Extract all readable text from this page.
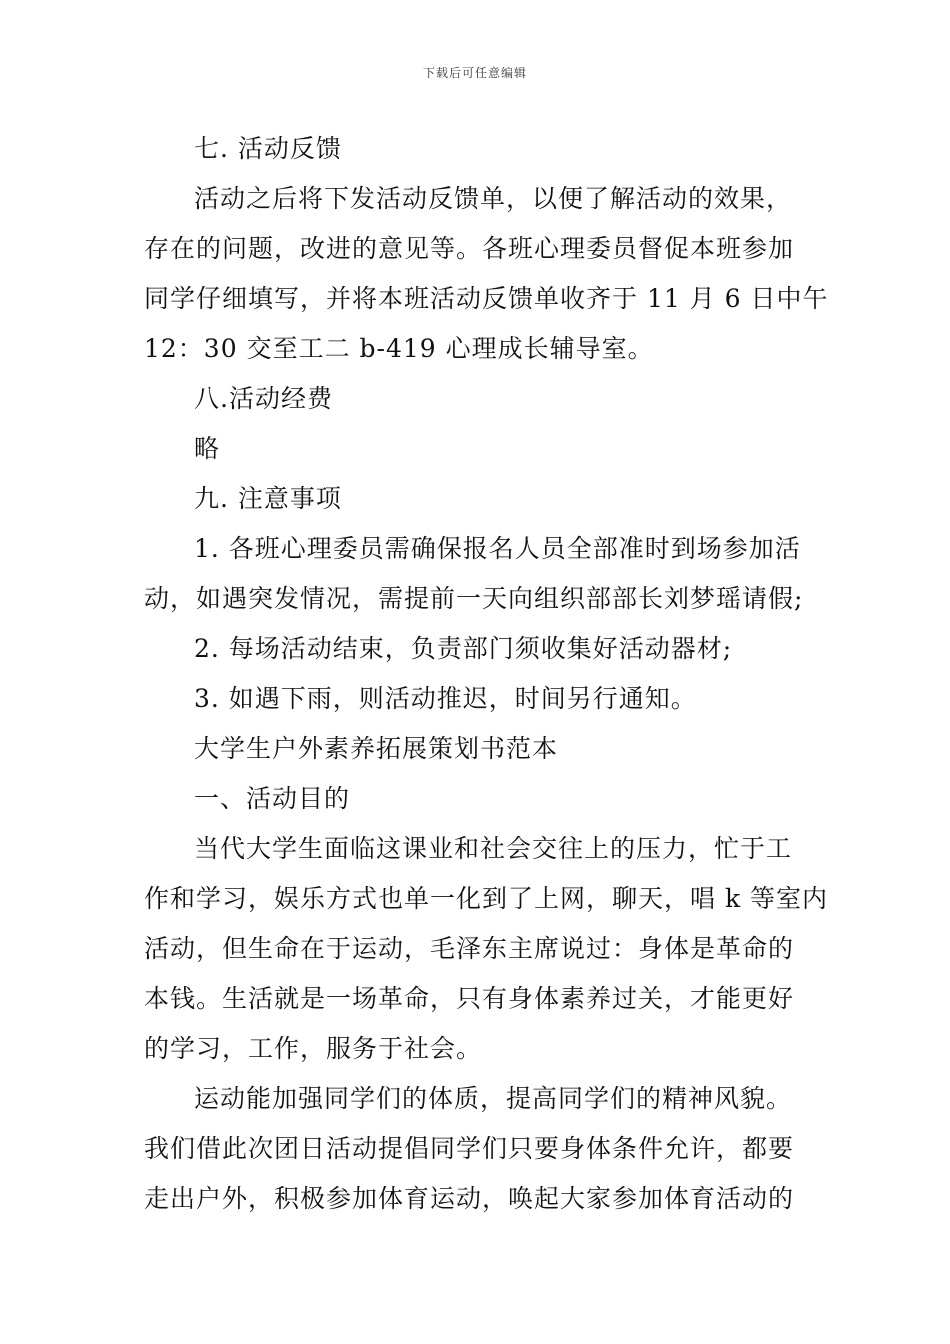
下载后可任意编辑
七. 活动反馈
活动之后将下发活动反馈单，以便了解活动的效果，
存在的问题，改进的意见等。各班心理委员督促本班参加
同学仔细填写，并将本班活动反馈单收齐于 11 月 6 日中午
12：30 交至工二 b-419 心理成长辅导室。
八.活动经费
略
九. 注意事项
1. 各班心理委员需确保报名人员全部准时到场参加活
动，如遇突发情况，需提前一天向组织部部长刘梦瑶请假;
2. 每场活动结束，负责部门须收集好活动器材;
3. 如遇下雨，则活动推迟，时间另行通知。
大学生户外素养拓展策划书范本
一、活动目的
当代大学生面临这课业和社会交往上的压力，忙于工
作和学习，娱乐方式也单一化到了上网，聊天，唱 k 等室内
活动，但生命在于运动，毛泽东主席说过：身体是革命的
本钱。生活就是一场革命，只有身体素养过关，才能更好
的学习，工作，服务于社会。
运动能加强同学们的体质，提高同学们的精神风貌。
我们借此次团日活动提倡同学们只要身体条件允许，都要
走出户外，积极参加体育运动，唤起大家参加体育活动的
